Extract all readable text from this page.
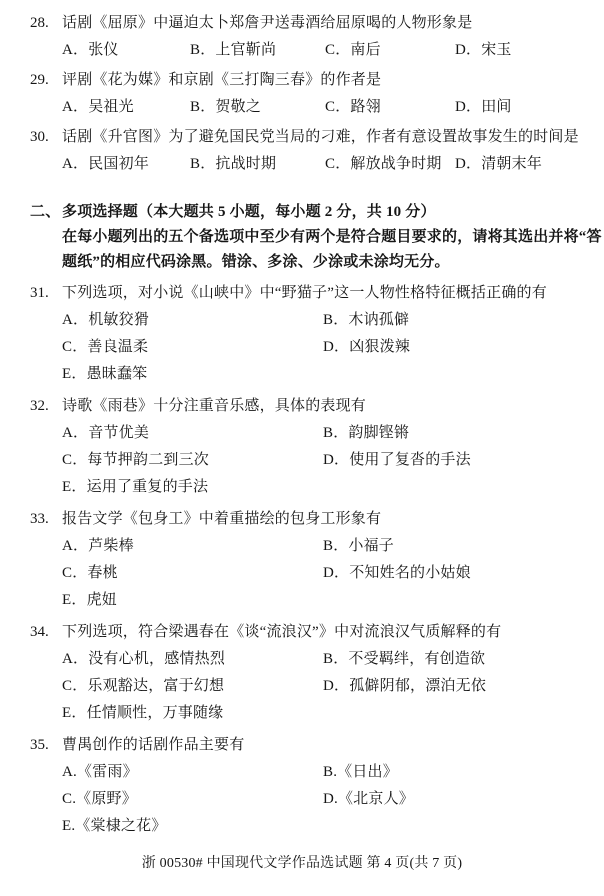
28. 话剧《屈原》中逼迫太卜郑詹尹送毒酒给屈原喝的人物形象是
A．张仪	B．上官靳尚	C．南后	D．宋玉
29. 评剧《花为媒》和京剧《三打陶三春》的作者是
A．吴祖光	B．贺敬之	C．路翎	D．田间
30. 话剧《升官图》为了避免国民党当局的刁难，作者有意设置故事发生的时间是
A．民国初年	B．抗战时期	C．解放战争时期 D．清朝末年
二、 多项选择题（本大题共 5 小题，每小题 2 分，共 10 分）
在每小题列出的五个备选项中至少有两个是符合题目要求的，请将其选出并将“答
题纸”的相应代码涂黑。错涂、多涂、少涂或未涂均无分。
31. 下列选项，对小说《山峡中》中“野猫子”这一人物性格特征概括正确的有
A．机敏狡猾	B．木讷孤僻
C．善良温柔	D．凶狠泼辣
E．愚昧蠢笨
32. 诗歌《雨巷》十分注重音乐感，具体的表现有
A．音节优美	B．韵脚铿锵
C．每节押韵二到三次	D．使用了复沓的手法
E．运用了重复的手法
33. 报告文学《包身工》中着重描绘的包身工形象有
A．芦柴棒	B．小福子
C．春桃	D．不知姓名的小姑娘
E．虎妞
34. 下列选项，符合梁遇春在《谈“流浪汉”》中对流浪汉气质解释的有
A．没有心机，感情热烈	B．不受羁绊，有创造欲
C．乐观豁达，富于幻想	D．孤僻阴郁，漂泊无依
E．任情顺性，万事随缘
35. 曹禺创作的话剧作品主要有
A.《雷雨》	B.《日出》
C.《原野》	D.《北京人》
E.《棠棣之花》
浙 00530# 中国现代文学作品选试题 第 4 页(共 7 页)
